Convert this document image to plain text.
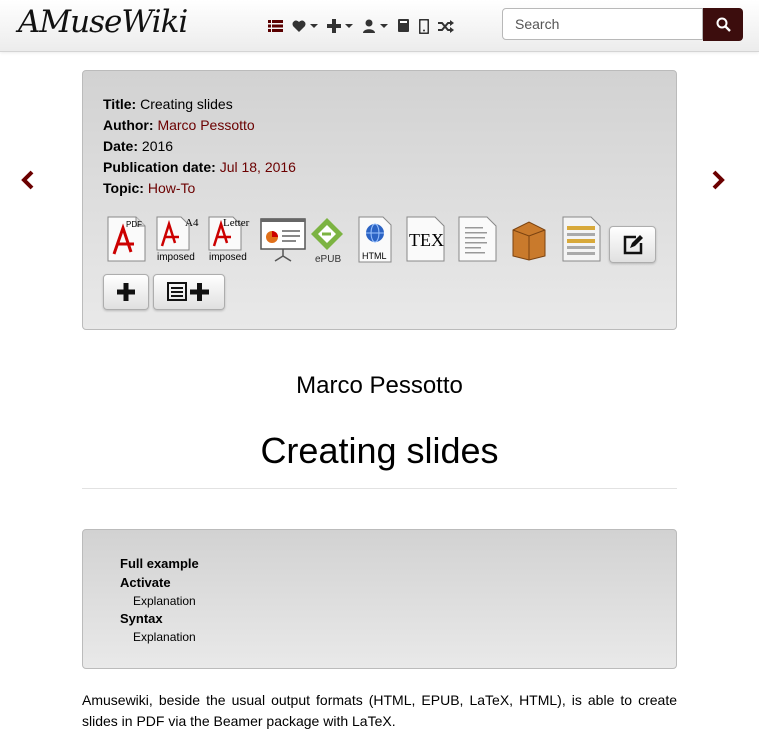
AMuseWiki
Search
Title: Creating slides
Author: Marco Pessotto
Date: 2016
Publication date: Jul 18, 2016
Topic: How-To
PDF	A4
imposed
Letter
imposed	ePUB HTML
TEX
Marco Pessotto
Creating slides
Full example
Activate
Explanation
Syntax
Explanation
Amusewiki, beside the usual output formats (HTML, EPUB, LaTeX, HTML), is able to create slides in PDF via the Beamer package with LaTeX.
